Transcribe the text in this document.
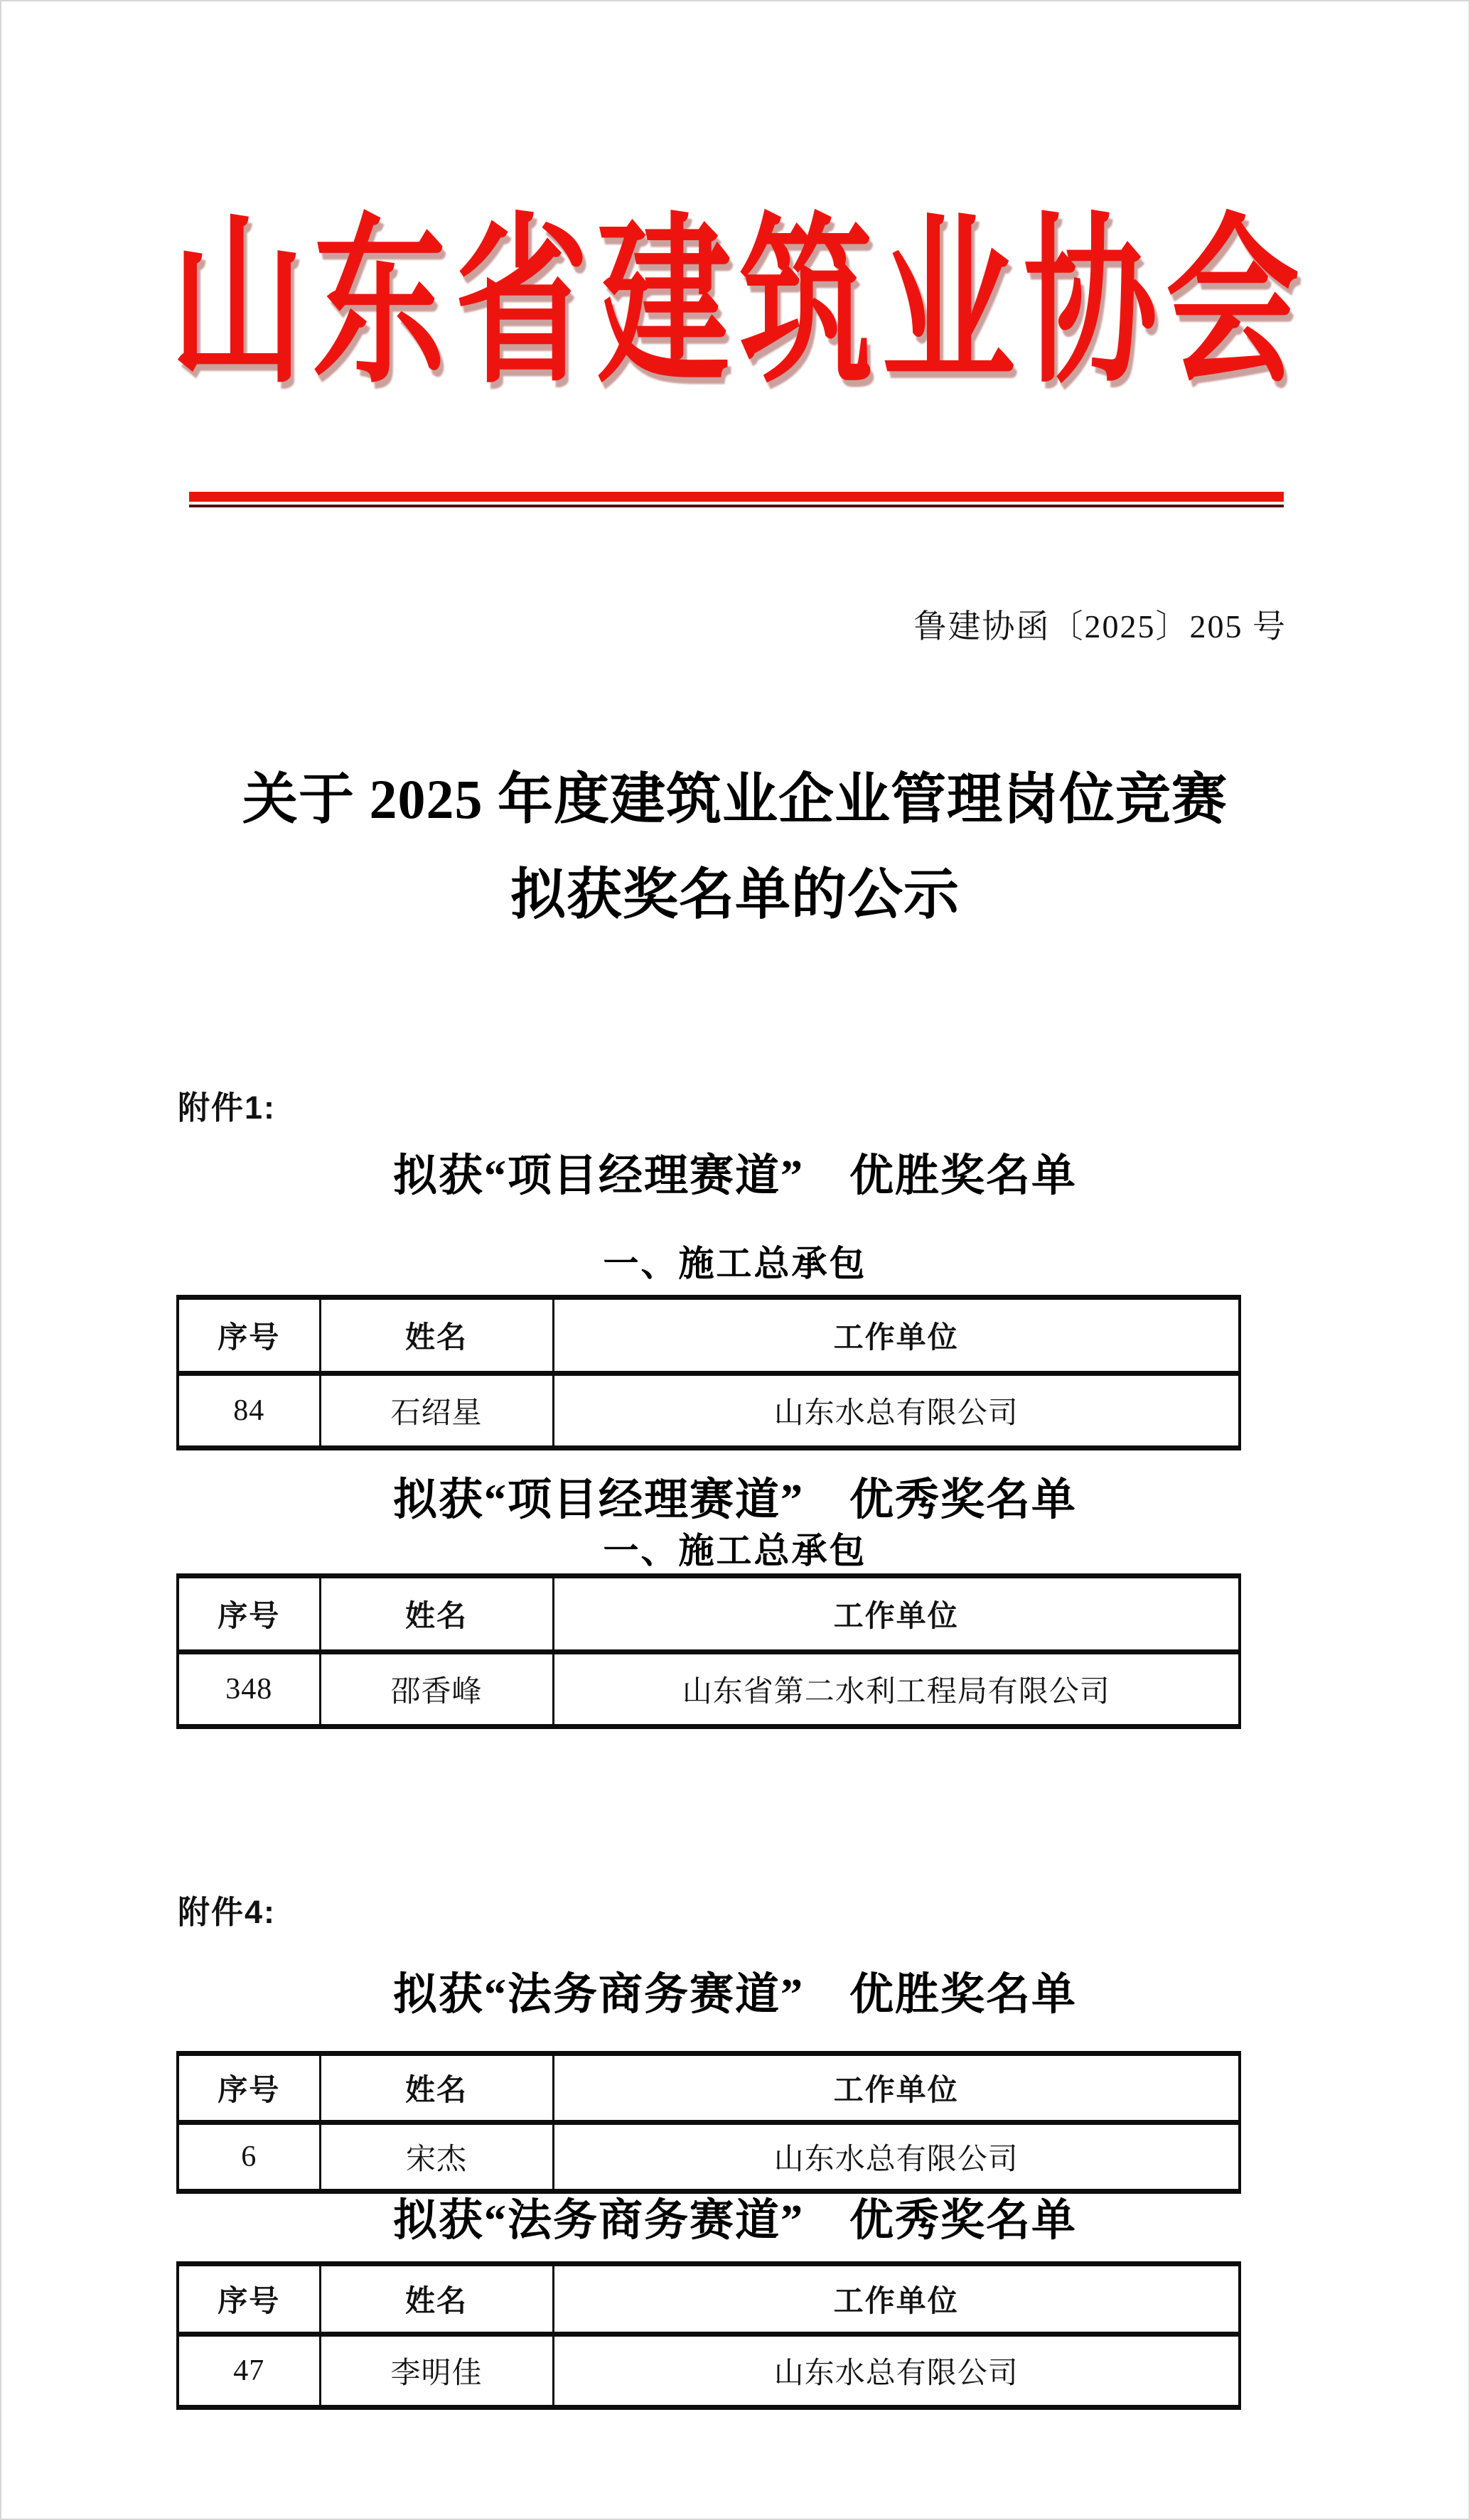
山东省建筑业协会
鲁建协函〔2025〕205 号
关于 2025 年度建筑业企业管理岗位竞赛
拟获奖名单的公示
附件1:
拟获“项目经理赛道”　优胜奖名单
一、施工总承包
序号	姓名	工作单位
84	石绍星	山东水总有限公司
拟获“项目经理赛道”　优秀奖名单
一、施工总承包
序号	姓名	工作单位
348	邵香峰	山东省第二水利工程局有限公司
附件4:
拟获“法务商务赛道”　优胜奖名单
序号	姓名	工作单位
6	宋杰	山东水总有限公司
拟获“法务商务赛道”　优秀奖名单
序号	姓名	工作单位
47	李明佳	山东水总有限公司
